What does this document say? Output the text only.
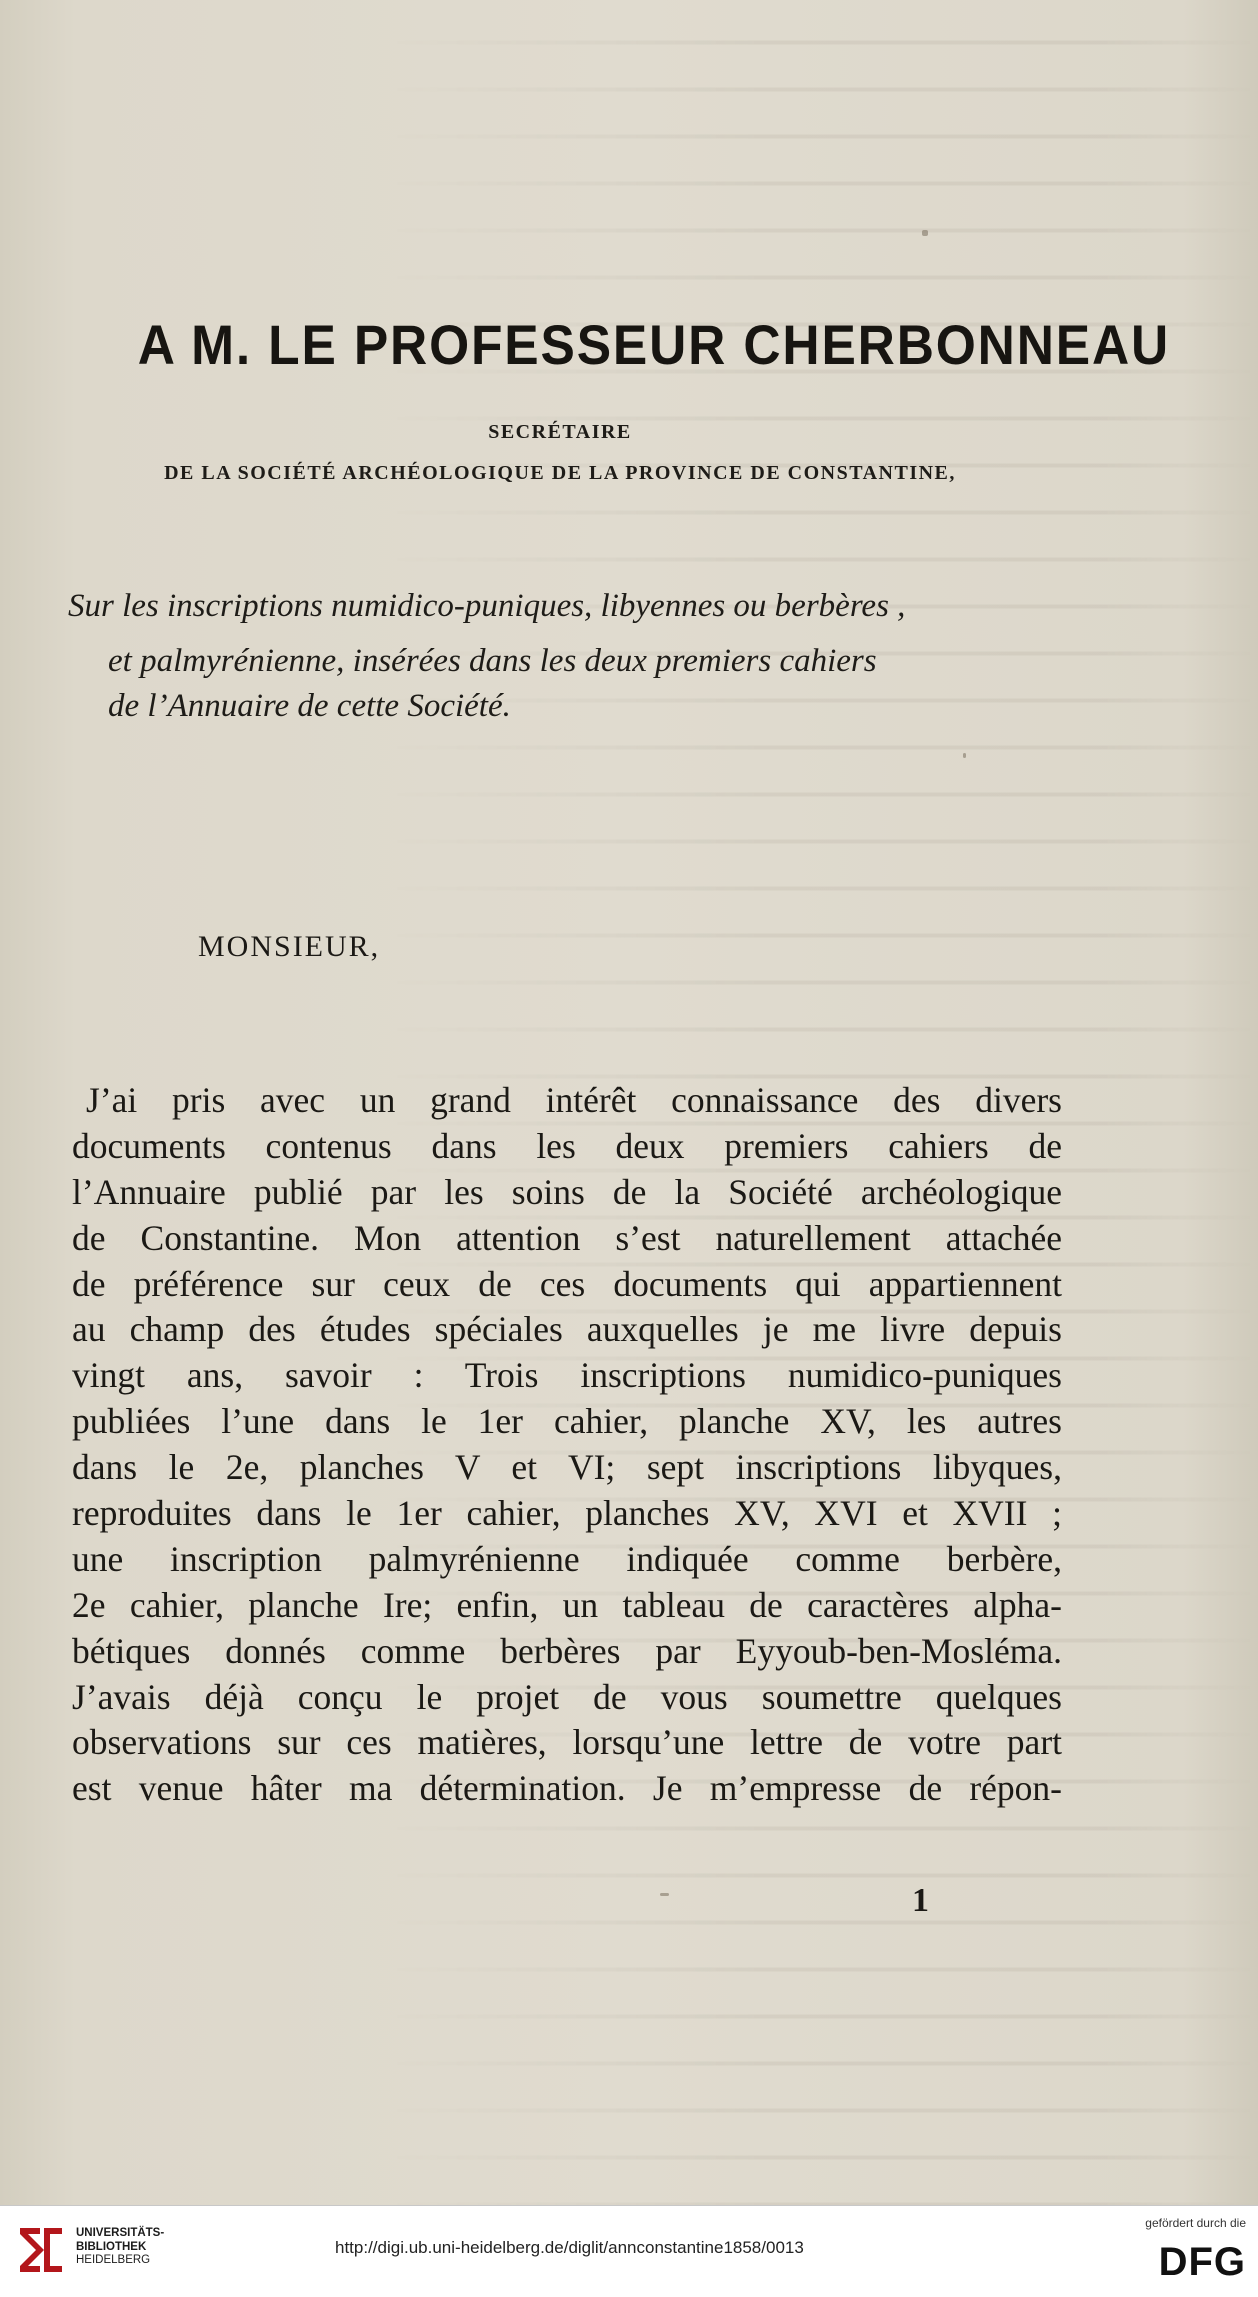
A M. LE PROFESSEUR CHERBONNEAU
SECRÉTAIRE
DE LA SOCIÉTÉ ARCHÉOLOGIQUE DE LA PROVINCE DE CONSTANTINE,
Sur les inscriptions numidico-puniques, libyennes ou berbères ,
et palmyrénienne, insérées dans les deux premiers cahiers
de l’Annuaire de cette Société.
MONSIEUR,
J’ai pris avec un grand intérêt connaissance des divers
documents contenus dans les deux premiers cahiers de
l’Annuaire publié par les soins de la Société archéologique
de Constantine. Mon attention s’est naturellement attachée
de préférence sur ceux de ces documents qui appartiennent
au champ des études spéciales auxquelles je me livre depuis
vingt ans, savoir : Trois inscriptions numidico-puniques
publiées l’une dans le 1er cahier, planche XV, les autres
dans le 2e, planches V et VI; sept inscriptions libyques,
reproduites dans le 1er cahier, planches XV, XVI et XVII ;
une inscription palmyrénienne indiquée comme berbère,
2e cahier, planche Ire; enfin, un tableau de caractères alpha-
bétiques donnés comme berbères par Eyyoub-ben-Mosléma.
J’avais déjà conçu le projet de vous soumettre quelques
observations sur ces matières, lorsqu’une lettre de votre part
est venue hâter ma détermination. Je m’empresse de répon-
1
UNIVERSITÄTS-
BIBLIOTHEK
HEIDELBERG
http://digi.ub.uni-heidelberg.de/diglit/annconstantine1858/0013
gefördert durch die
DFG
